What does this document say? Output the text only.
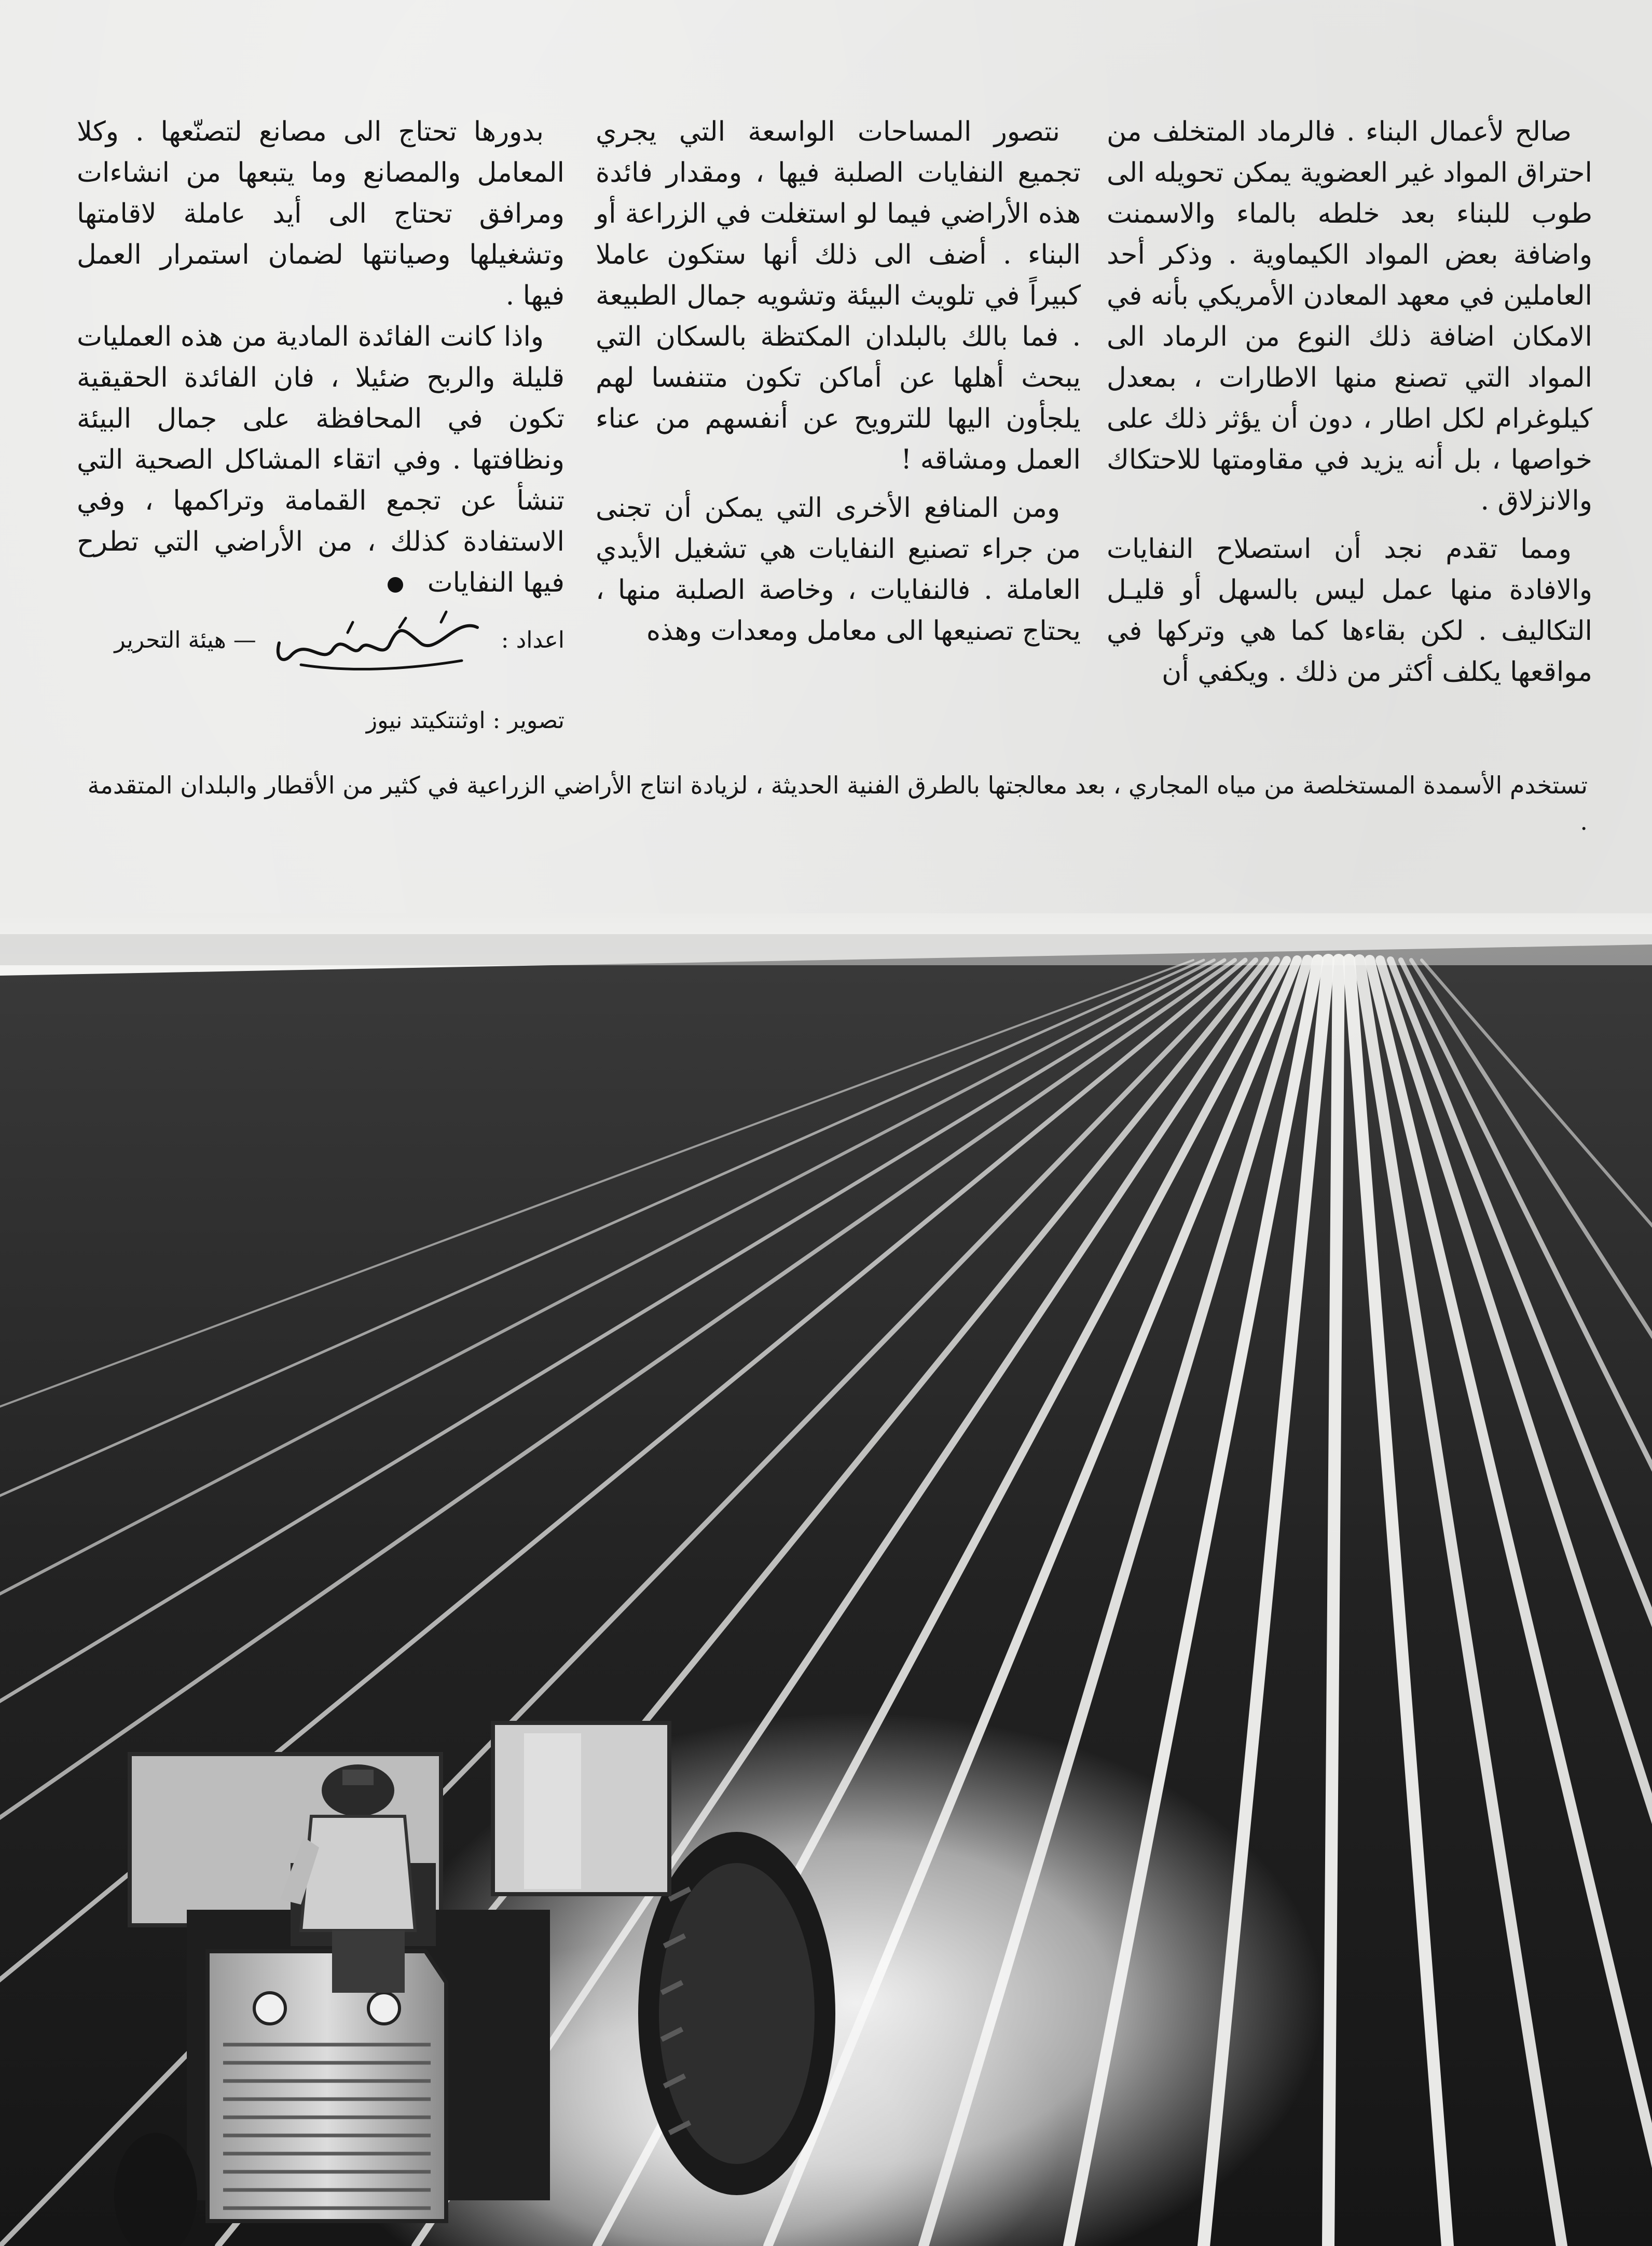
صالح لأعمال البناء . فالرماد المتخلف من احتراق المواد غير العضوية يمكن تحويله الى طوب للبناء بعد خلطه بالماء والاسمنت واضافة بعض المواد الكيماوية . وذكر أحد العاملين في معهد المعادن الأمريكي بأنه في الامكان اضافة ذلك النوع من الرماد الى المواد التي تصنع منها الاطارات ، بمعدل كيلوغرام لكل اطار ، دون أن يؤثر ذلك على خواصها ، بل أنه يزيد في مقاومتها للاحتكاك والانزلاق .

ومما تقدم نجد أن استصلاح النفايات والافادة منها عمل ليس بالسهل أو قليـل التكاليف . لكن بقاءها كما هي وتركها في مواقعها يكلف أكثر من ذلك . ويكفي أن

نتصور المساحات الواسعة التي يجري تجميع النفايات الصلبة فيها ، ومقدار فائدة هذه الأراضي فيما لو استغلت في الزراعة أو البناء . أضف الى ذلك أنها ستكون عاملا كبيراً في تلويث البيئة وتشويه جمال الطبيعة . فما بالك بالبلدان المكتظة بالسكان التي يبحث أهلها عن أماكن تكون متنفسا لهم يلجأون اليها للترويح عن أنفسهم من عناء العمل ومشاقه !

ومن المنافع الأخرى التي يمكن أن تجنى من جراء تصنيع النفايات هي تشغيل الأيدي العاملة . فالنفايات ، وخاصة الصلبة منها ، يحتاج تصنيعها الى معامل ومعدات وهذه

بدورها تحتاج الى مصانع لتصنّعها . وكلا المعامل والمصانع وما يتبعها من انشاءات ومرافق تحتاج الى أيد عاملة لاقامتها وتشغيلها وصيانتها لضمان استمرار العمل فيها .

واذا كانت الفائدة المادية من هذه العمليات قليلة والربح ضئيلا ، فان الفائدة الحقيقية تكون في المحافظة على جمال البيئة ونظافتها . وفي اتقاء المشاكل الصحية التي تنشأ عن تجمع القمامة وتراكمها ، وفي الاستفادة كذلك ، من الأراضي التي تطرح فيها النفايات

اعداد :
— هيئة التحرير
تصوير : اوثنتكيتد نيوز
تستخدم الأسمدة المستخلصة من مياه المجاري ، بعد معالجتها بالطرق الفنية الحديثة ، لزيادة انتاج الأراضي الزراعية في كثير من الأقطار والبلدان المتقدمة .
